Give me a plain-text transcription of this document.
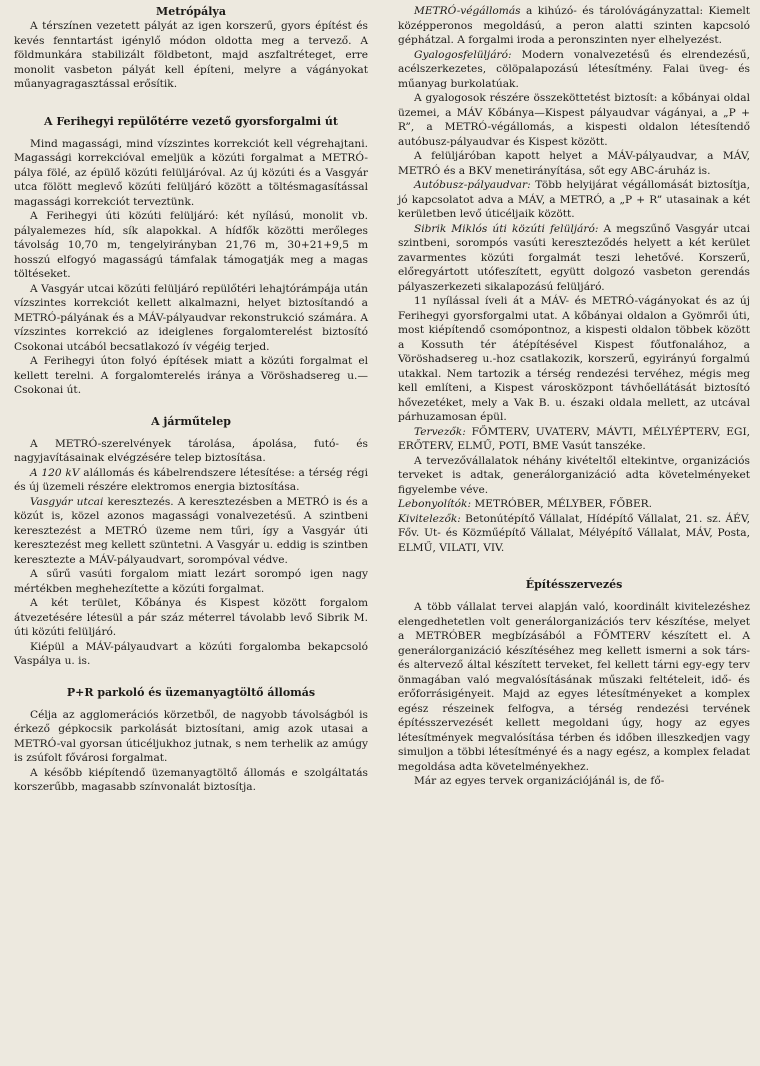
Metrópálya

A térszínen vezetett pályát az igen korszerű, gyors építést és kevés fenntartást igénylő módon oldotta meg a tervező. A földmunkára stabilizált földbetont, majd aszfaltréteget, erre monolit vasbeton pályát kell építeni, melyre a vágányokat műanyagragasztással erősítik.

A Ferihegyi repülőtérre vezető gyorsforgalmi út

Mind magassági, mind vízszintes korrekciót kell végrehajtani. Magassági korrekcióval emeljük a közúti forgalmat a METRÓ-pálya fölé, az épülő közúti felüljáróval. Az új közúti és a Vasgyár utca fölött meglevő közúti felüljáró között a töltésmagasítással magassági korrekciót terveztünk.

A Ferihegyi úti közúti felüljáró: két nyílású, monolit vb. pályalemezes híd, sík alapokkal. A hídfők közötti merőleges távolság 10,70 m, tengelyirányban 21,76 m, 30+21+9,5 m hosszú elfogyó magasságú támfalak támogatják meg a magas töltéseket.

A Vasgyár utcai közúti felüljáró repülőtéri lehajtórámpája után vízszintes korrekciót kellett alkalmazni, helyet biztosítandó a METRÓ-pályának és a MÁV-pályaudvar rekonstrukció számára. A vízszintes korrekció az ideiglenes forgalomterelést biztosító Csokonai utcából becsatlakozó ív végéig terjed.

A Ferihegyi úton folyó építések miatt a közúti forgalmat el kellett terelni. A forgalomterelés iránya a Vöröshadsereg u.—Csokonai út.

A járműtelep

A METRÓ-szerelvények tárolása, ápolása, futó- és nagyjavításainak elvégzésére telep biztosítása.

A 120 kV alállomás és kábelrendszere létesítése: a térség régi és új üzemeli részére elektromos energia biztosítása.

Vasgyár utcai keresztezés. A keresztezésben a METRÓ is és a közút is, közel azonos magassági vonalvezetésű. A szintbeni keresztezést a METRÓ üzeme nem tűri, így a Vasgyár úti keresztezést meg kellett szüntetni. A Vasgyár u. eddig is szintben keresztezte a MÁV-pályaudvart, sorompóval védve.

A sűrű vasúti forgalom miatt lezárt sorompó igen nagy mértékben meghehezítette a közúti forgalmat.

A két terület, Kőbánya és Kispest között forgalom átvezetésére létesül a pár száz méterrel távolabb levő Sibrik M. úti közúti felüljáró.

Kiépül a MÁV-pályaudvart a közúti forgalomba bekapcsoló Vaspálya u. is.

P+R parkoló és üzemanyagtöltő állomás

Célja az agglomerációs körzetből, de nagyobb távolságból is érkező gépkocsik parkolását biztosítani, amig azok utasai a METRÓ-val gyorsan úticéljukhoz jutnak, s nem terhelik az amúgy is zsúfolt fővárosi forgalmat.

A később kiépítendő üzemanyagtöltő állomás e szolgáltatás korszerűbb, magasabb színvonalát biztosítja.

METRÓ-végállomás a kihúzó- és tárolóvágányzattal: Kiemelt középperonos megoldású, a peron alatti szinten kapcsoló géphátzal. A forgalmi iroda a peronszinten nyer elhelyezést.

Gyalogosfelüljáró: Modern vonalvezetésű és elrendezésű, acélszerkezetes, cölöpalapozású létesítmény. Falai üveg- és műanyag burkolatúak.

A gyalogosok részére összeköttetést biztosít: a kőbányai oldal üzemei, a MÁV Kőbánya—Kispest pályaudvar vágányai, a „P + R”, a METRÓ-végállomás, a kispesti oldalon létesítendő autóbusz-pályaudvar és Kispest között.

A felüljáróban kapott helyet a MÁV-pályaudvar, a MÁV, METRÓ és a BKV menetirányítása, sőt egy ABC-áruház is.

Autóbusz-pályaudvar: Több helyijárat végállomását biztosítja, jó kapcsolatot adva a MÁV, a METRÓ, a „P + R” utasainak a két kerületben levő úticéljaik között.

Sibrik Miklós úti közúti felüljáró: A megszűnő Vasgyár utcai szintbeni, sorompós vasúti kereszteződés helyett a két kerület zavarmentes közúti forgalmát teszi lehetővé. Korszerű, előregyártott utófeszített, együtt dolgozó vasbeton gerendás pályaszerkezeti sikalapozású felüljáró.

11 nyílással íveli át a MÁV- és METRÓ-vágányokat és az új Ferihegyi gyorsforgalmi utat. A kőbányai oldalon a Gyömrői úti, most kiépítendő csomópontnoz, a kispesti oldalon többek között a Kossuth tér átépítésével Kispest főutfonalához, a Vöröshadsereg u.-hoz csatlakozik, korszerű, egyirányú forgalmú utakkal. Nem tartozik a térség rendezési tervéhez, mégis meg kell említeni, a Kispest városközpont távhőellátását biztosító hővezetéket, mely a Vak B. u. északi oldala mellett, az utcával párhuzamosan épül.

Tervezők: FŐMTERV, UVATERV, MÁVTI, MÉLYÉPTERV, EGI, ERŐTERV, ELMŰ, POTI, BME Vasút tanszéke.

A tervezővállalatok néhány kivételtől eltekintve, organizációs terveket is adtak, generálorganizáció adta követelményeket figyelembe véve.

Lebonyolítók: METRÓBER, MÉLYBER, FŐBER.

Kivitelezők: Betonútépítő Vállalat, Hídépítő Vállalat, 21. sz. ÁÉV, Főv. Ut- és Közműépítő Vállalat, Mélyépítő Vállalat, MÁV, Posta, ELMŰ, VILATI, VIV.

Építésszervezés

A több vállalat tervei alapján való, koordinált kivitelezéshez elengedhetetlen volt generálorganizációs terv készítése, melyet a METRÓBER megbízásából a FŐMTERV készített el. A generálorganizáció készítéséhez meg kellett ismerni a sok társ- és altervező által készített terveket, fel kellett tárni egy-egy terv önmagában való megvalósításának műszaki feltételeit, idő- és erőforrásigényeit. Majd az egyes létesítményeket a komplex egész részeinek felfogva, a térség rendezési tervének építésszervezését kellett megoldani úgy, hogy az egyes létesítmények megvalósítása térben és időben illeszkedjen vagy simuljon a többi létesítményé és a nagy egész, a komplex feladat megoldása adta követelményekhez.

Már az egyes tervek organizációjánál is, de fő-
